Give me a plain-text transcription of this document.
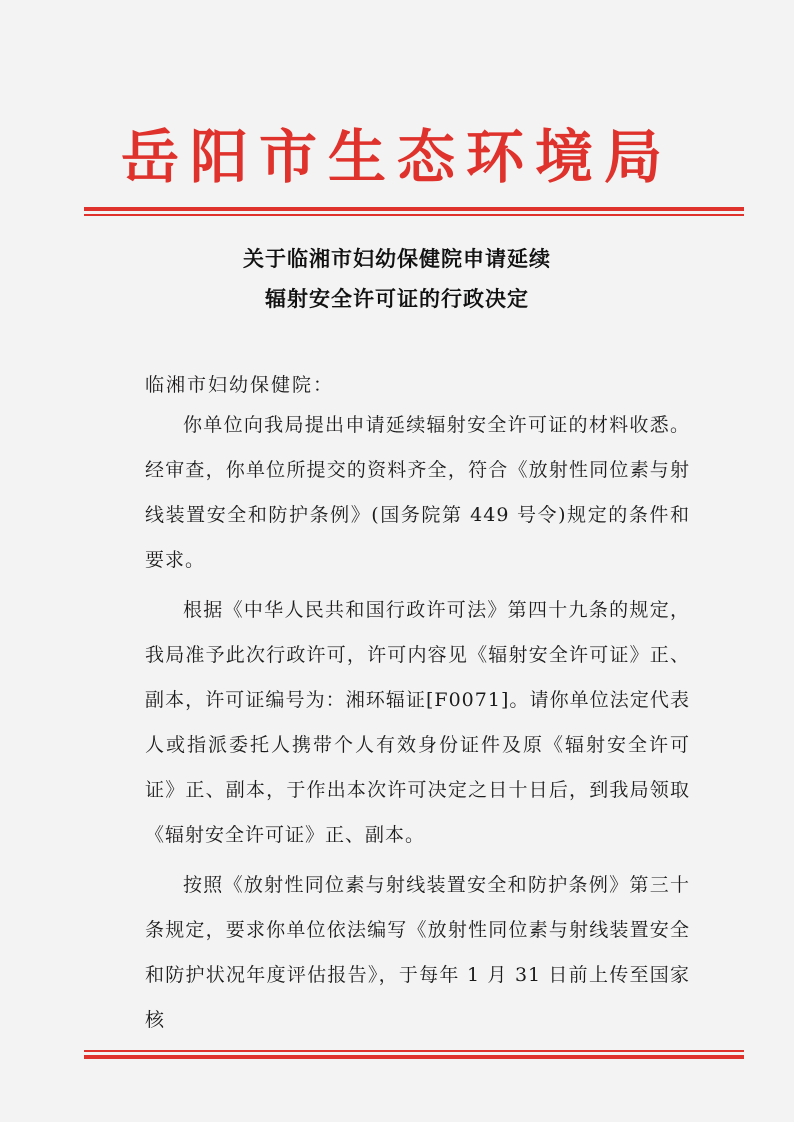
岳阳市生态环境局
关于临湘市妇幼保健院申请延续
辐射安全许可证的行政决定
临湘市妇幼保健院：

你单位向我局提出申请延续辐射安全许可证的材料收悉。经审查，你单位所提交的资料齐全，符合《放射性同位素与射线装置安全和防护条例》(国务院第 449 号令)规定的条件和要求。

根据《中华人民共和国行政许可法》第四十九条的规定，我局准予此次行政许可，许可内容见《辐射安全许可证》正、副本，许可证编号为：湘环辐证[F0071]。请你单位法定代表人或指派委托人携带个人有效身份证件及原《辐射安全许可证》正、副本，于作出本次许可决定之日十日后，到我局领取《辐射安全许可证》正、副本。

按照《放射性同位素与射线装置安全和防护条例》第三十条规定，要求你单位依法编写《放射性同位素与射线装置安全和防护状况年度评估报告》，于每年 1 月 31 日前上传至国家核
